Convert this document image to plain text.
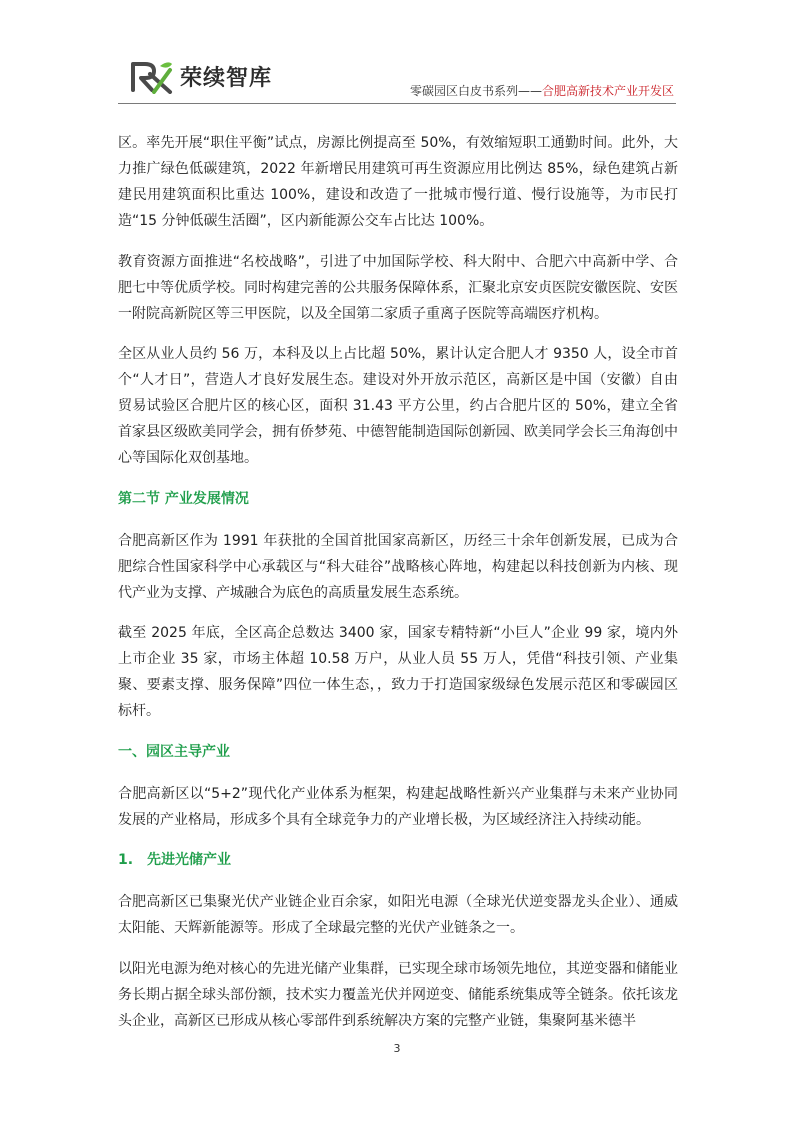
荣续智库
零碳园区白皮书系列——合肥高新技术产业开发区

区。率先开展“职住平衡”试点，房源比例提高至 50%，有效缩短职工通勤时间。此外，大力推广绿色低碳建筑，2022 年新增民用建筑可再生资源应用比例达 85%，绿色建筑占新建民用建筑面积比重达 100%，建设和改造了一批城市慢行道、慢行设施等，为市民打造“15 分钟低碳生活圈”，区内新能源公交车占比达 100%。

教育资源方面推进“名校战略”，引进了中加国际学校、科大附中、合肥六中高新中学、合肥七中等优质学校。同时构建完善的公共服务保障体系，汇聚北京安贞医院安徽医院、安医一附院高新院区等三甲医院，以及全国第二家质子重离子医院等高端医疗机构。

全区从业人员约 56 万，本科及以上占比超 50%，累计认定合肥人才 9350 人，设全市首个“人才日”，营造人才良好发展生态。建设对外开放示范区，高新区是中国（安徽）自由贸易试验区合肥片区的核心区，面积 31.43 平方公里，约占合肥片区的 50%，建立全省首家县区级欧美同学会，拥有侨梦苑、中德智能制造国际创新园、欧美同学会长三角海创中心等国际化双创基地。

第二节 产业发展情况

合肥高新区作为 1991 年获批的全国首批国家高新区，历经三十余年创新发展，已成为合肥综合性国家科学中心承载区与“科大硅谷”战略核心阵地，构建起以科技创新为内核、现代产业为支撑、产城融合为底色的高质量发展生态系统。

截至 2025 年底，全区高企总数达 3400 家，国家专精特新“小巨人”企业 99 家，境内外上市企业 35 家，市场主体超 10.58 万户，从业人员 55 万人，凭借“科技引领、产业集聚、要素支撑、服务保障”四位一体生态，，致力于打造国家级绿色发展示范区和零碳园区标杆。

一、园区主导产业

合肥高新区以“5+2”现代化产业体系为框架，构建起战略性新兴产业集群与未来产业协同发展的产业格局，形成多个具有全球竞争力的产业增长极，为区域经济注入持续动能。

1.　先进光储产业

合肥高新区已集聚光伏产业链企业百余家，如阳光电源（全球光伏逆变器龙头企业）、通威太阳能、天辉新能源等。形成了全球最完整的光伏产业链条之一。

以阳光电源为绝对核心的先进光储产业集群，已实现全球市场领先地位，其逆变器和储能业务长期占据全球头部份额，技术实力覆盖光伏并网逆变、储能系统集成等全链条。依托该龙头企业，高新区已形成从核心零部件到系统解决方案的完整产业链，集聚阿基米德半

3
